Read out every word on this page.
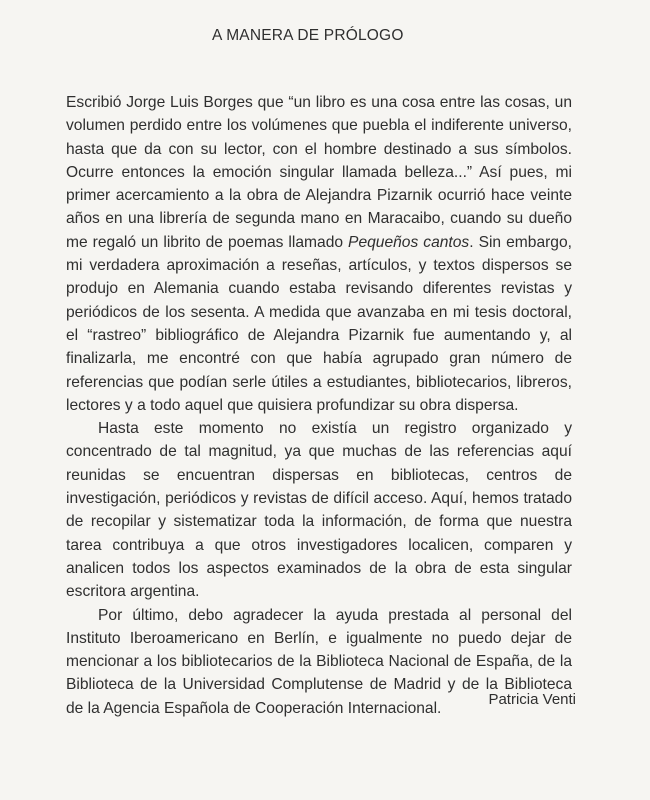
A MANERA DE PRÓLOGO

Escribió Jorge Luis Borges que “un libro es una cosa entre las cosas, un volumen perdido entre los volúmenes que puebla el indiferente universo, hasta que da con su lector, con el hombre destinado a sus símbolos. Ocurre entonces la emoción singular llamada belleza...” Así pues, mi primer acercamiento a la obra de Alejandra Pizarnik ocurrió hace veinte años en una librería de segunda mano en Maracaibo, cuando su dueño me regaló un librito de poemas llamado Pequeños cantos. Sin embargo, mi verdadera aproximación a reseñas, artículos, y textos dispersos se produjo en Alemania cuando estaba revisando diferentes revistas y periódicos de los sesenta. A medida que avanzaba en mi tesis doctoral, el “rastreo” bibliográfico de Alejandra Pizarnik fue aumentando y, al finalizarla, me encontré con que había agrupado gran número de referencias que podían serle útiles a estudiantes, bibliotecarios, libreros, lectores y a todo aquel que quisiera profundizar su obra dispersa.

Hasta este momento no existía un registro organizado y concentrado de tal magnitud, ya que muchas de las referencias aquí reunidas se encuentran dispersas en bibliotecas, centros de investigación, periódicos y revistas de difícil acceso. Aquí, hemos tratado de recopilar y sistematizar toda la información, de forma que nuestra tarea contribuya a que otros investigadores localicen, comparen y analicen todos los aspectos examinados de la obra de esta singular escritora argentina.

Por último, debo agradecer la ayuda prestada al personal del Instituto Iberoamericano en Berlín, e igualmente no puedo dejar de mencionar a los bibliotecarios de la Biblioteca Nacional de España, de la Biblioteca de la Universidad Complutense de Madrid y de la Biblioteca de la Agencia Española de Cooperación Internacional.

Patricia Venti
